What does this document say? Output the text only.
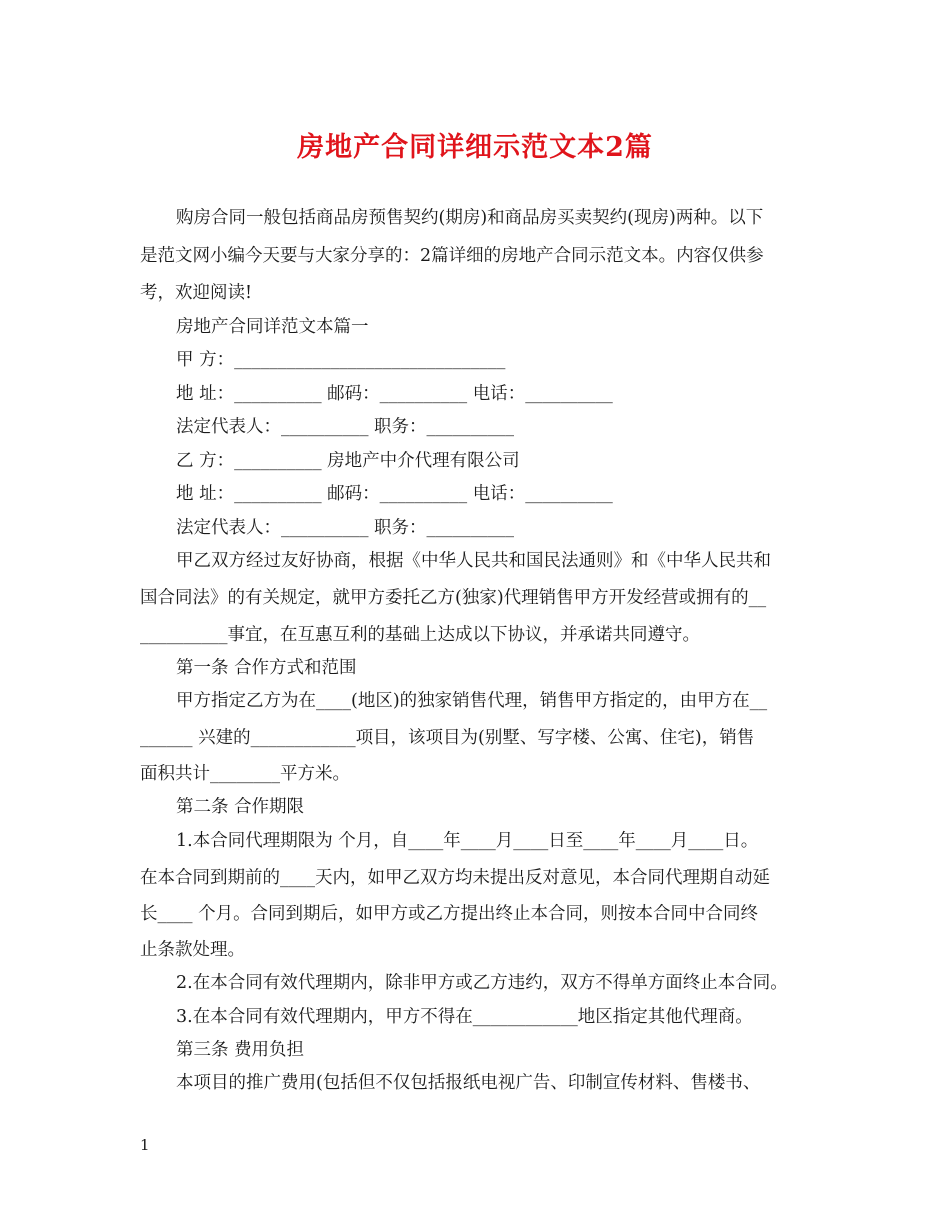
房地产合同详细示范文本2篇
购房合同一般包括商品房预售契约(期房)和商品房买卖契约(现房)两种。以下
是范文网小编今天要与大家分享的：2篇详细的房地产合同示范文本。内容仅供参
考，欢迎阅读!
房地产合同详范文本篇一
甲 方：_______________________________
地 址：__________ 邮码：__________ 电话：__________
法定代表人：__________ 职务：__________
乙 方：__________ 房地产中介代理有限公司
地 址：__________ 邮码：__________ 电话：__________
法定代表人：__________ 职务：__________
甲乙双方经过友好协商，根据《中华人民共和国民法通则》和《中华人民共和
国合同法》的有关规定，就甲方委托乙方(独家)代理销售甲方开发经营或拥有的__
__________事宜，在互惠互利的基础上达成以下协议，并承诺共同遵守。
第一条 合作方式和范围
甲方指定乙方为在____(地区)的独家销售代理，销售甲方指定的，由甲方在__
______ 兴建的____________项目，该项目为(别墅、写字楼、公寓、住宅)，销售
面积共计________平方米。
第二条 合作期限
1.本合同代理期限为 个月，自____年____月____日至____年____月____日。
在本合同到期前的____天内，如甲乙双方均未提出反对意见，本合同代理期自动延
长____ 个月。合同到期后，如甲方或乙方提出终止本合同，则按本合同中合同终
止条款处理。
2.在本合同有效代理期内，除非甲方或乙方违约，双方不得单方面终止本合同。
3.在本合同有效代理期内，甲方不得在____________地区指定其他代理商。
第三条 费用负担
本项目的推广费用(包括但不仅包括报纸电视广告、印制宣传材料、售楼书、
1
